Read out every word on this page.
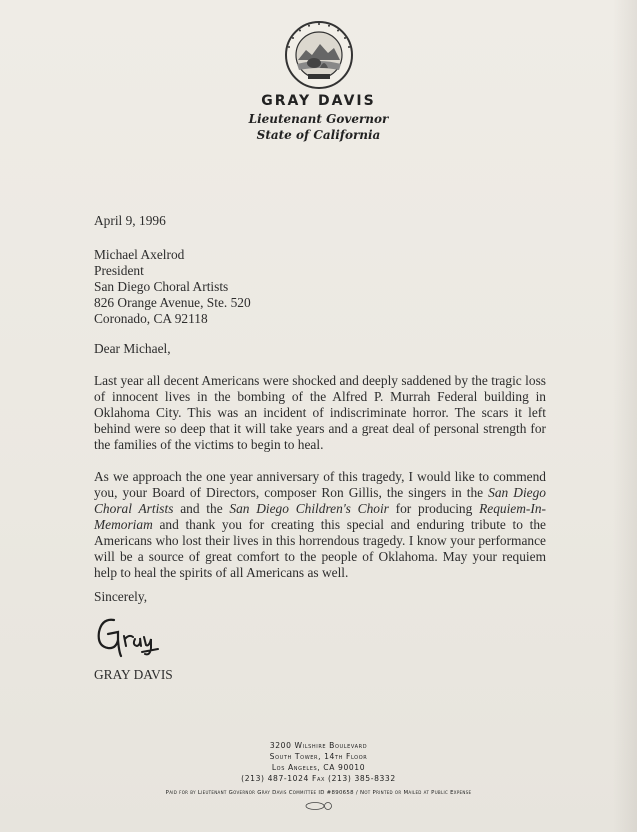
GRAY DAVIS
Lieutenant Governor
State of California
April 9, 1996
Michael Axelrod
President
San Diego Choral Artists
826 Orange Avenue, Ste. 520
Coronado, CA 92118
Dear Michael,
Last year all decent Americans were shocked and deeply saddened by the tragic loss of innocent lives in the bombing of the Alfred P. Murrah Federal building in Oklahoma City. This was an incident of indiscriminate horror. The scars it left behind were so deep that it will take years and a great deal of personal strength for the families of the victims to begin to heal.
As we approach the one year anniversary of this tragedy, I would like to commend you, your Board of Directors, composer Ron Gillis, the singers in the San Diego Choral Artists and the San Diego Children's Choir for producing Requiem-In-Memoriam and thank you for creating this special and enduring tribute to the Americans who lost their lives in this horrendous tragedy. I know your performance will be a source of great comfort to the people of Oklahoma. May your requiem help to heal the spirits of all Americans as well.
Sincerely,
GRAY DAVIS
3200 Wilshire Boulevard
South Tower, 14th Floor
Los Angeles, CA 90010
(213) 487-1024 Fax (213) 385-8332
Paid for by Lieutenant Governor Gray Davis Committee ID #890658 / Not Printed or Mailed at Public Expense
